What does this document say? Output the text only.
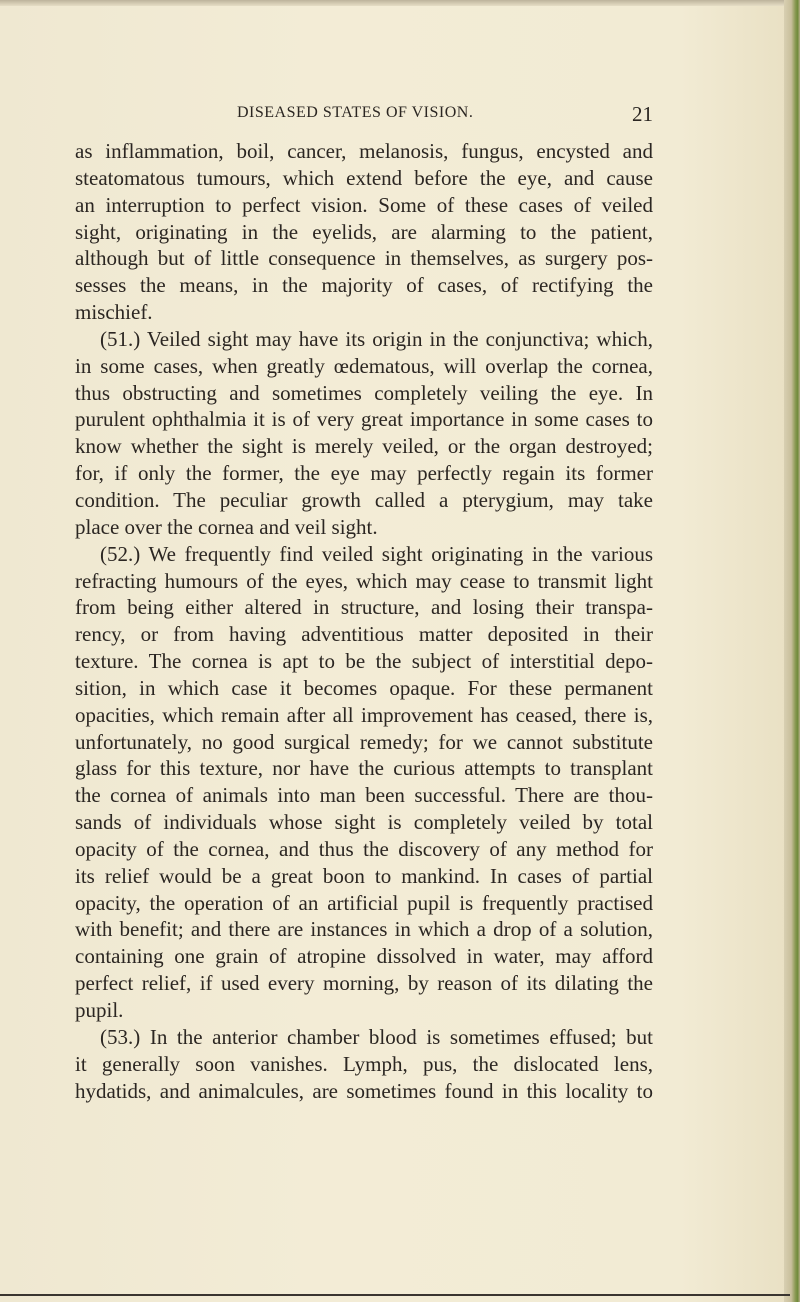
DISEASED STATES OF VISION.	21
as inflammation, boil, cancer, melanosis, fungus, encysted and
steatomatous tumours, which extend before the eye, and cause
an interruption to perfect vision. Some of these cases of veiled
sight, originating in the eyelids, are alarming to the patient,
although but of little consequence in themselves, as surgery pos-
sesses the means, in the majority of cases, of rectifying the
mischief.
(51.) Veiled sight may have its origin in the conjunctiva; which,
in some cases, when greatly œdematous, will overlap the cornea,
thus obstructing and sometimes completely veiling the eye. In
purulent ophthalmia it is of very great importance in some cases to
know whether the sight is merely veiled, or the organ destroyed;
for, if only the former, the eye may perfectly regain its former
condition. The peculiar growth called a pterygium, may take
place over the cornea and veil sight.
(52.) We frequently find veiled sight originating in the various
refracting humours of the eyes, which may cease to transmit light
from being either altered in structure, and losing their transpa-
rency, or from having adventitious matter deposited in their
texture. The cornea is apt to be the subject of interstitial depo-
sition, in which case it becomes opaque. For these permanent
opacities, which remain after all improvement has ceased, there is,
unfortunately, no good surgical remedy; for we cannot substitute
glass for this texture, nor have the curious attempts to transplant
the cornea of animals into man been successful. There are thou-
sands of individuals whose sight is completely veiled by total
opacity of the cornea, and thus the discovery of any method for
its relief would be a great boon to mankind. In cases of partial
opacity, the operation of an artificial pupil is frequently practised
with benefit; and there are instances in which a drop of a solution,
containing one grain of atropine dissolved in water, may afford
perfect relief, if used every morning, by reason of its dilating the
pupil.
(53.) In the anterior chamber blood is sometimes effused; but
it generally soon vanishes. Lymph, pus, the dislocated lens,
hydatids, and animalcules, are sometimes found in this locality to
